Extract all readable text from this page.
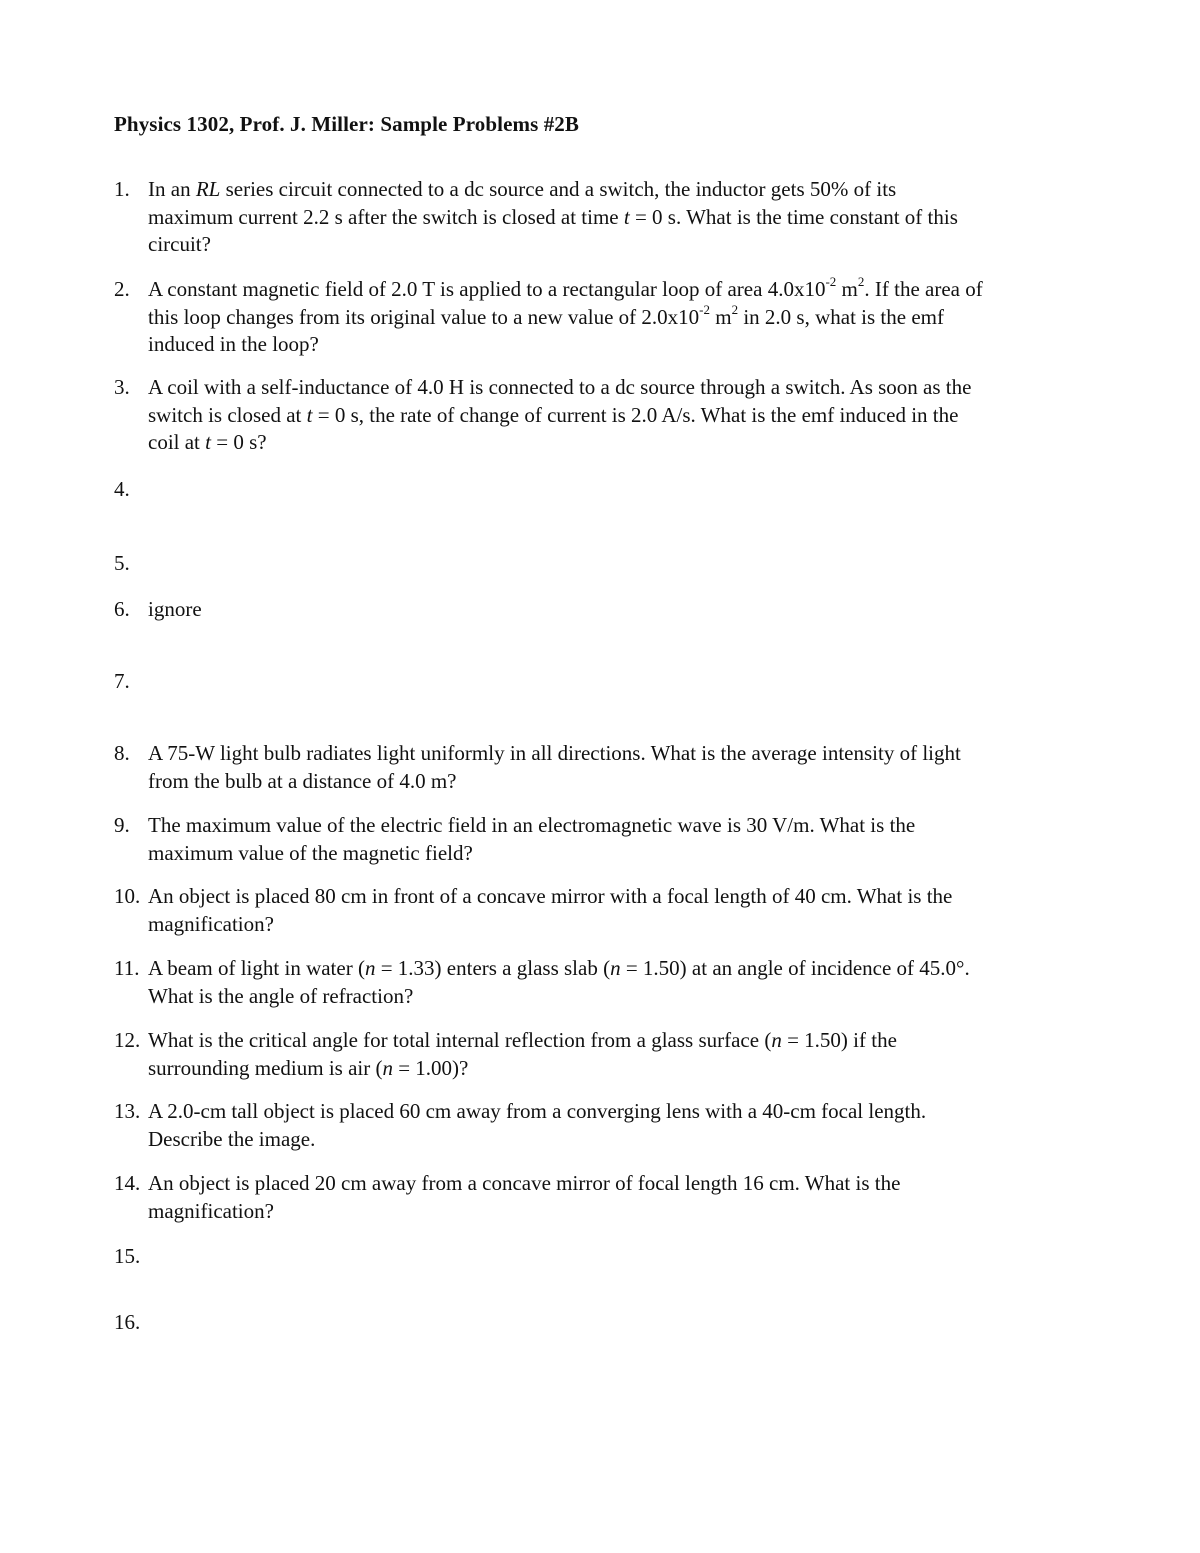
Physics 1302, Prof. J. Miller: Sample Problems #2B
1. In an RL series circuit connected to a dc source and a switch, the inductor gets 50% of its
maximum current 2.2 s after the switch is closed at time t = 0 s. What is the time constant of this
circuit?
2. A constant magnetic field of 2.0 T is applied to a rectangular loop of area $4.0x10^{-2}$ $m^2$. If the area of
this loop changes from its original value to a new value of $2.0x10^{-2}$ $m^2$ in 2.0 s, what is the emf
induced in the loop?
3. A coil with a self-inductance of 4.0 H is connected to a dc source through a switch. As soon as the
switch is closed at t = 0 s, the rate of change of current is 2.0 A/s. What is the emf induced in the
coil at t = 0 s?
4.
5.
6. ignore
7.
8. A 75-W light bulb radiates light uniformly in all directions. What is the average intensity of light
from the bulb at a distance of 4.0 m?
9. The maximum value of the electric field in an electromagnetic wave is 30 V/m. What is the
maximum value of the magnetic field?
10. An object is placed 80 cm in front of a concave mirror with a focal length of 40 cm. What is the
magnification?
11. A beam of light in water (n = 1.33) enters a glass slab (n = 1.50) at an angle of incidence of 45.0°.
What is the angle of refraction?
12. What is the critical angle for total internal reflection from a glass surface (n = 1.50) if the
surrounding medium is air (n = 1.00)?
13. A 2.0-cm tall object is placed 60 cm away from a converging lens with a 40-cm focal length.
Describe the image.
14. An object is placed 20 cm away from a concave mirror of focal length 16 cm. What is the
magnification?
15.
16.
